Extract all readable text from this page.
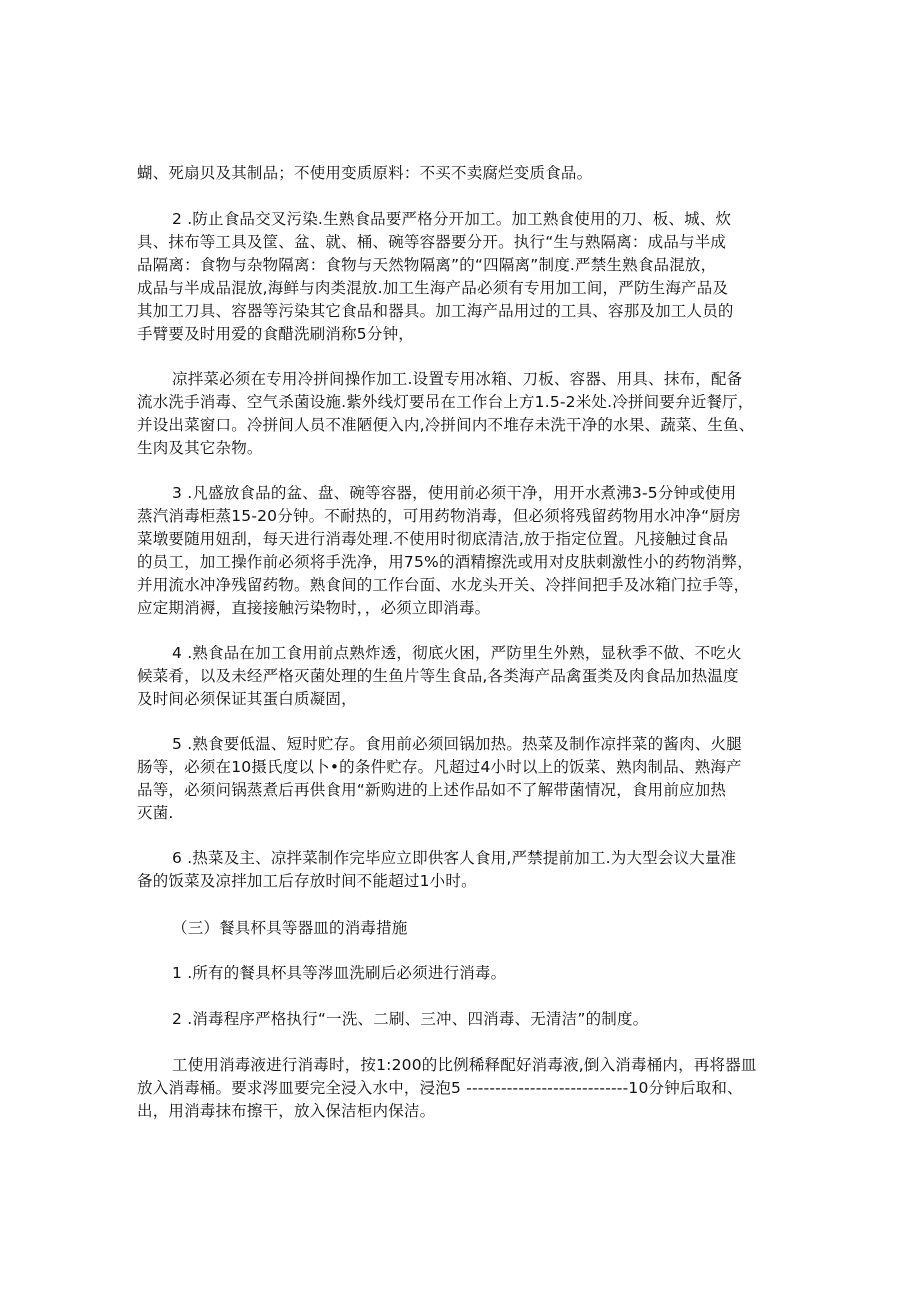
蝴、死扇贝及其制品；不使用变质原料：不买不卖腐烂变质食品。
2 .防止食品交叉污染.生熟食品要严格分开加工。加工熟食使用的刀、板、城、炊
具、抹布等工具及筐、盆、就、桶、碗等容器要分开。执行“生与熟隔离：成品与半成
品隔离：食物与杂物隔离：食物与天然物隔离”的“四隔离”制度.严禁生熟食品混放，
成品与半成品混放,海鲜与肉类混放.加工生海产品必须有专用加工间，严防生海产品及
其加工刀具、容器等污染其它食品和器具。加工海产品用过的工具、容那及加工人员的
手臂要及时用爱的食醋洗刷消称5分钟，
凉拌菜必须在专用冷拼间操作加工.设置专用冰箱、刀板、容器、用具、抹布，配备
流水洗手消毒、空气杀菌设施.紫外线灯要吊在工作台上方1.5-2米处.冷拼间要弁近餐厅，
并设出菜窗口。冷拼间人员不准陋便入内,冷拼间内不堆存未洗干净的水果、蔬菜、生鱼、
生肉及其它杂物。
3 .凡盛放食品的盆、盘、碗等容器，使用前必须干净，用开水煮沸3-5分钟或使用
蒸汽消毒柜蒸15-20分钟。不耐热的，可用药物消毒，但必须将残留药物用水冲净“厨房
菜墩要随用妞刮，每天进行消毒处理.不使用时彻底清洁,放于指定位置。凡接触过食品
的员工，加工操作前必须将手洗净，用75%的酒精擦洗或用对皮肤刺激性小的药物消弊，
并用流水冲净残留药物。熟食间的工作台面、水龙头开关、冷拌间把手及冰箱门拉手等，
应定期消褥，直接接触污染物时，，必须立即消毒。
4 .熟食品在加工食用前点熟炸透，彻底火困，严防里生外熟，显秋季不做、不吃火
候菜肴，以及未经严格灭菌处理的生鱼片等生食品,各类海产品禽蛋类及肉食品加热温度
及时间必须保证其蛋白质凝固，
5 .熟食要低温、短时贮存。食用前必须回锅加热。热菜及制作凉拌菜的酱肉、火腿
肠等，必须在10摄氏度以卜•的条件贮存。凡超过4小时以上的饭菜、熟肉制品、熟海产
品等，必须问锅蒸煮后再供食用“新购进的上述作品如不了解带菌情况，食用前应加热
灭菌.
6 .热菜及主、凉拌菜制作完毕应立即供客人食用,严禁提前加工.为大型会议大量准
备的饭菜及凉拌加工后存放时间不能超过1小时。
（三）餐具杯具等器皿的消毒措施
1 .所有的餐具杯具等涔皿洗刷后必须进行消毒。
2 .消毒程序严格执行“一洗、二刷、三冲、四消毒、无清洁”的制度。
工使用消毒液进行消毒时，按1:200的比例稀释配好消毒液,倒入消毒桶内，再将器皿
放入消毒桶。要求涔皿要完全浸入水中，浸泡5 ----------------------------10分钟后取和、
出，用消毒抹布擦干，放入保洁柜内保洁。
